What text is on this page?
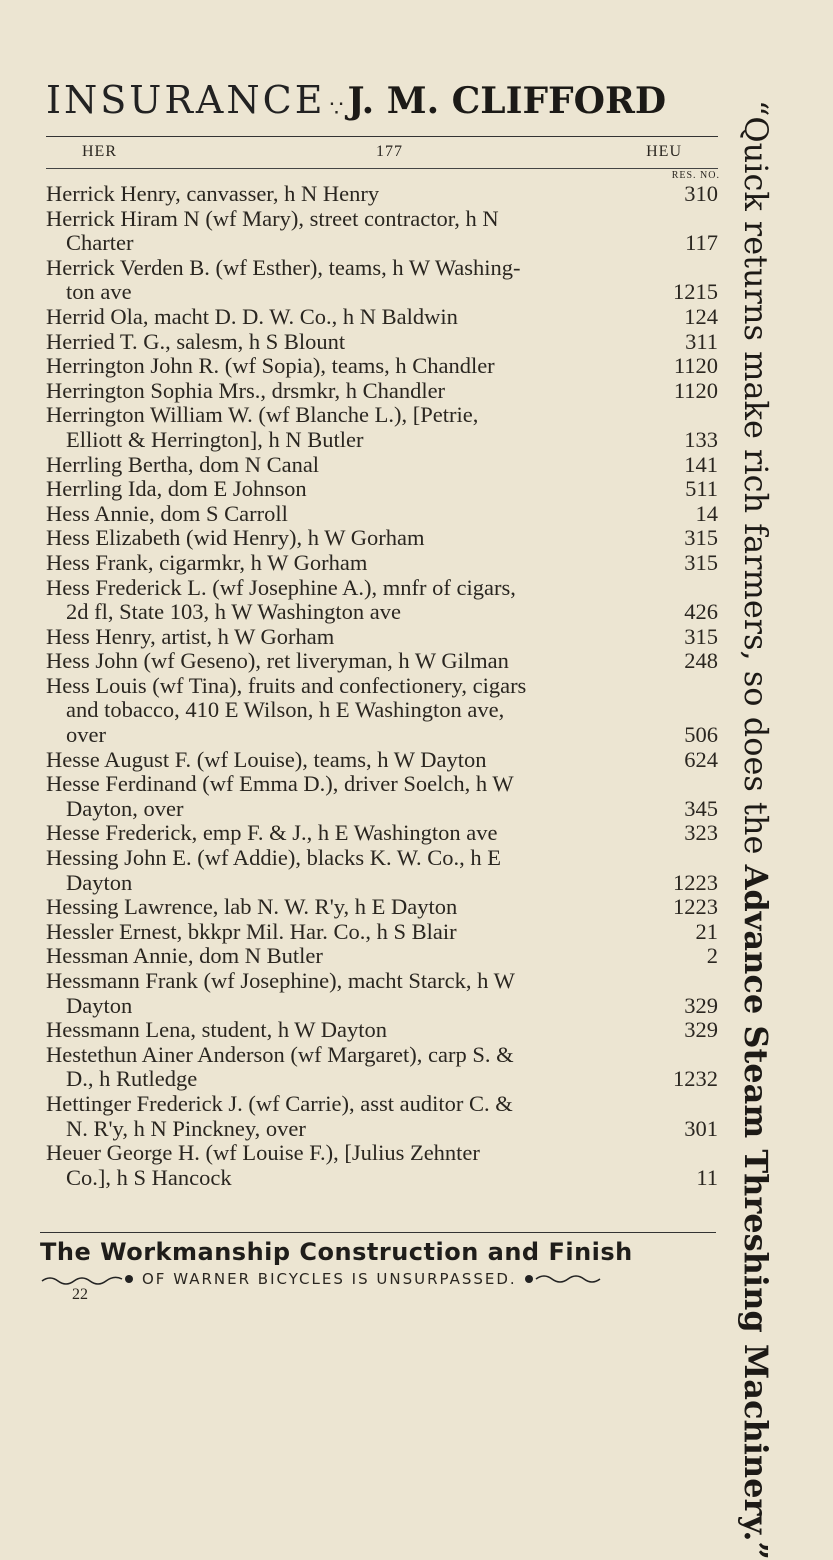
INSURANCE ∵ J. M. CLIFFORD
HER	177	HEU
RES. NO.
Herrick Henry, canvasser, h N Henry	310
Herrick Hiram N (wf Mary), street contractor, h N
Charter	117
Herrick Verden B. (wf Esther), teams, h W Washing-
ton ave	1215
Herrid Ola, macht D. D. W. Co., h N Baldwin	124
Herried T. G., salesm, h S Blount	311
Herrington John R. (wf Sopia), teams, h Chandler	1120
Herrington Sophia Mrs., drsmkr, h Chandler	1120
Herrington William W. (wf Blanche L.), [Petrie,
Elliott & Herrington], h N Butler	133
Herrling Bertha, dom N Canal	141
Herrling Ida, dom E Johnson	511
Hess Annie, dom S Carroll	14
Hess Elizabeth (wid Henry), h W Gorham	315
Hess Frank, cigarmkr, h W Gorham	315
Hess Frederick L. (wf Josephine A.), mnfr of cigars,
2d fl, State 103, h W Washington ave	426
Hess Henry, artist, h W Gorham	315
Hess John (wf Geseno), ret liveryman, h W Gilman	248
Hess Louis (wf Tina), fruits and confectionery, cigars
and tobacco, 410 E Wilson, h E Washington ave,
over	506
Hesse August F. (wf Louise), teams, h W Dayton	624
Hesse Ferdinand (wf Emma D.), driver Soelch, h W
Dayton, over	345
Hesse Frederick, emp F. & J., h E Washington ave	323
Hessing John E. (wf Addie), blacks K. W. Co., h E
Dayton	1223
Hessing Lawrence, lab N. W. R'y, h E Dayton	1223
Hessler Ernest, bkkpr Mil. Har. Co., h S Blair	21
Hessman Annie, dom N Butler	2
Hessmann Frank (wf Josephine), macht Starck, h W
Dayton	329
Hessmann Lena, student, h W Dayton	329
Hestethun Ainer Anderson (wf Margaret), carp S. &
D., h Rutledge	1232
Hettinger Frederick J. (wf Carrie), asst auditor C. &
N. R'y, h N Pinckney, over	301
Heuer George H. (wf Louise F.), [Julius Zehnter
Co.], h S Hancock	11
The Workmanship Construction and Finish
OF WARNER BICYCLES IS UNSURPASSED.
22
“Quick returns make rich farmers, so does the Advance Steam Threshing Machinery.”
